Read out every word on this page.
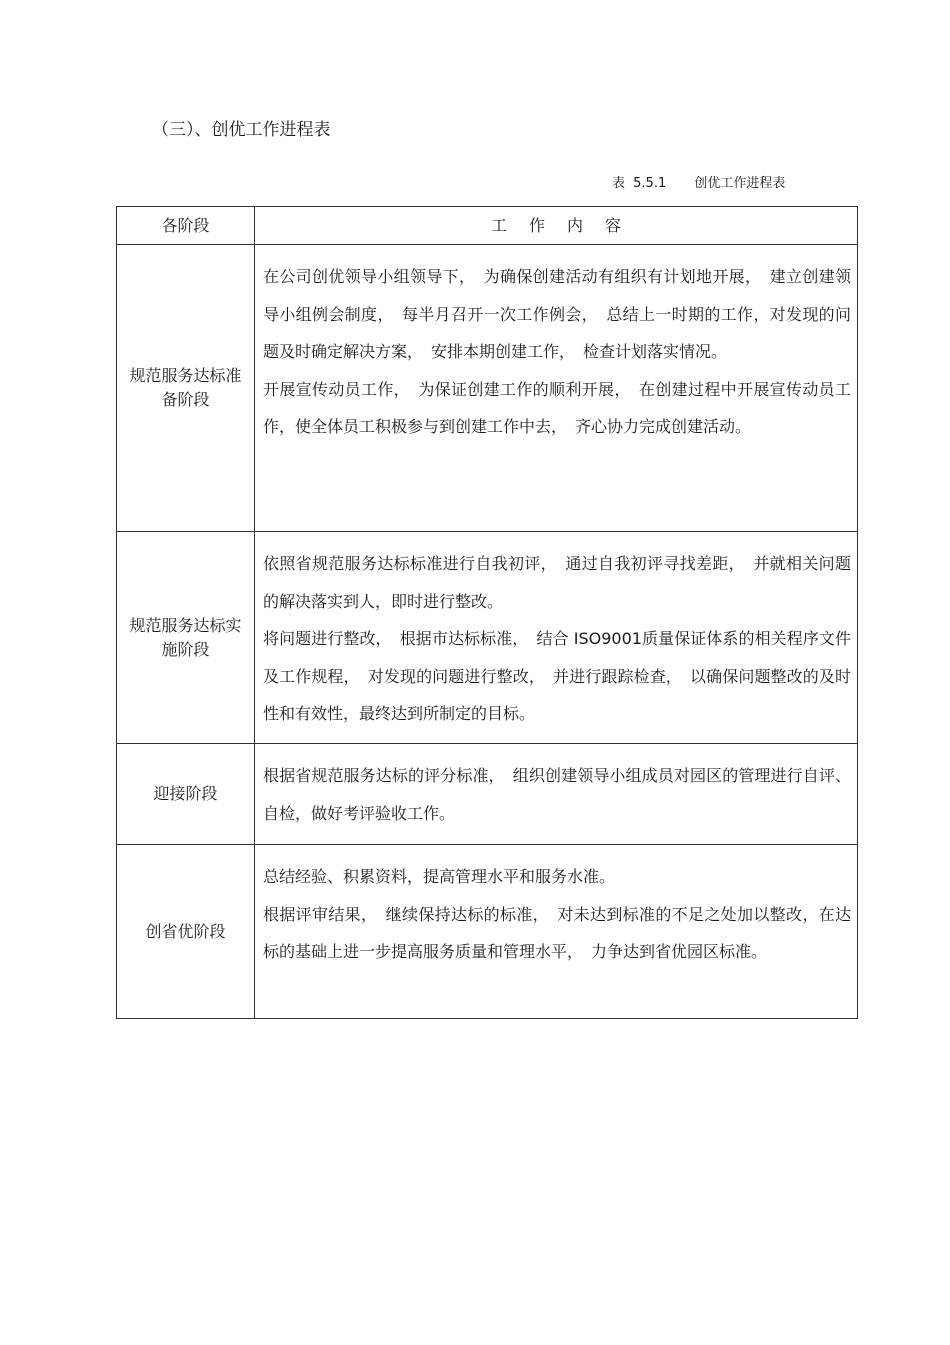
（三）、创优工作进程表
表 5.5.1 创优工作进程表
各阶段	工作内容
规范服务达标准备阶段	在公司创优领导小组领导下，　为确保创建活动有组织有计划地开展，　建立创建领导小组例会制度，　每半月召开一次工作例会，　总结上一时期的工作，对发现的问题及时确定解决方案，　安排本期创建工作，　检查计划落实情况。

开展宣传动员工作，　为保证创建工作的顺利开展，　在创建过程中开展宣传动员工作，使全体员工积极参与到创建工作中去，　齐心协力完成创建活动。

规范服务达标实施阶段	依照省规范服务达标标准进行自我初评，　通过自我初评寻找差距，　并就相关问题的解决落实到人，即时进行整改。

将问题进行整改，　根据市达标标准，　结合 ISO9001质量保证体系的相关程序文件及工作规程，　对发现的问题进行整改，　并进行跟踪检查，　以确保问题整改的及时性和有效性，最终达到所制定的目标。

迎接阶段	根据省规范服务达标的评分标准，　组织创建领导小组成员对园区的管理进行自评、自检，做好考评验收工作。

创省优阶段	总结经验、积累资料，提高管理水平和服务水准。

根据评审结果，　继续保持达标的标准，　对未达到标准的不足之处加以整改，在达标的基础上进一步提高服务质量和管理水平，　力争达到省优园区标准。
